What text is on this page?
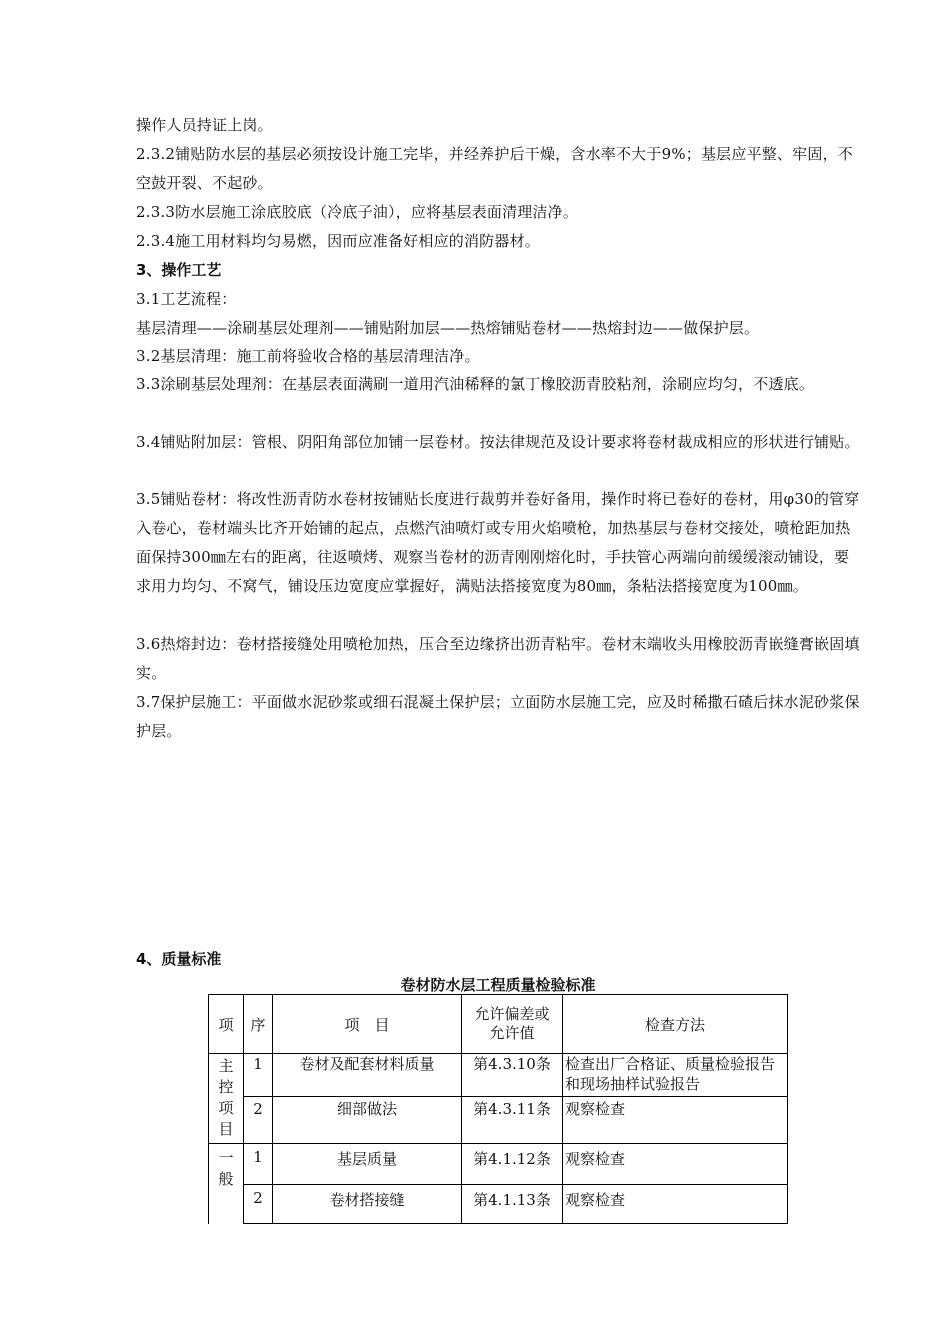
操作人员持证上岗。

2.3.2铺贴防水层的基层必须按设计施工完毕，并经养护后干燥，含水率不大于9%；基层应平整、牢固，不空鼓开裂、不起砂。

2.3.3防水层施工涂底胶底（冷底子油），应将基层表面清理洁净。

2.3.4施工用材料均匀易燃，因而应准备好相应的消防器材。

3、操作工艺

3.1工艺流程：

基层清理——涂刷基层处理剂——铺贴附加层——热熔铺贴卷材——热熔封边——做保护层。

3.2基层清理：施工前将验收合格的基层清理洁净。

3.3涂刷基层处理剂：在基层表面满刷一道用汽油稀释的氯丁橡胶沥青胶粘剂，涂刷应均匀，不透底。

3.4铺贴附加层：管根、阴阳角部位加铺一层卷材。按法律规范及设计要求将卷材裁成相应的形状进行铺贴。

3.5铺贴卷材：将改性沥青防水卷材按铺贴长度进行裁剪并卷好备用，操作时将已卷好的卷材，用φ30的管穿入卷心，卷材端头比齐开始铺的起点，点燃汽油喷灯或专用火焰喷枪，加热基层与卷材交接处，喷枪距加热面保持300㎜左右的距离，往返喷烤、观察当卷材的沥青刚刚熔化时，手扶管心两端向前缓缓滚动铺设，要求用力均匀、不窝气，铺设压边宽度应掌握好，满贴法搭接宽度为80㎜，条粘法搭接宽度为100㎜。

3.6热熔封边：卷材搭接缝处用喷枪加热，压合至边缘挤出沥青粘牢。卷材末端收头用橡胶沥青嵌缝膏嵌固填实。

3.7保护层施工：平面做水泥砂浆或细石混凝土保护层；立面防水层施工完，应及时稀撒石碴后抹水泥砂浆保护层。

4、质量标准

卷材防水层工程质量检验标准
项	序	项　目	允许偏差或允许值	检查方法
主控项目	1	卷材及配套材料质量	第4.3.10条	检查出厂合格证、质量检验报告和现场抽样试验报告
	2	细部做法	第4.3.11条	观察检查
一般	1	基层质量	第4.1.12条	观察检查
	2	卷材搭接缝	第4.1.13条	观察检查
